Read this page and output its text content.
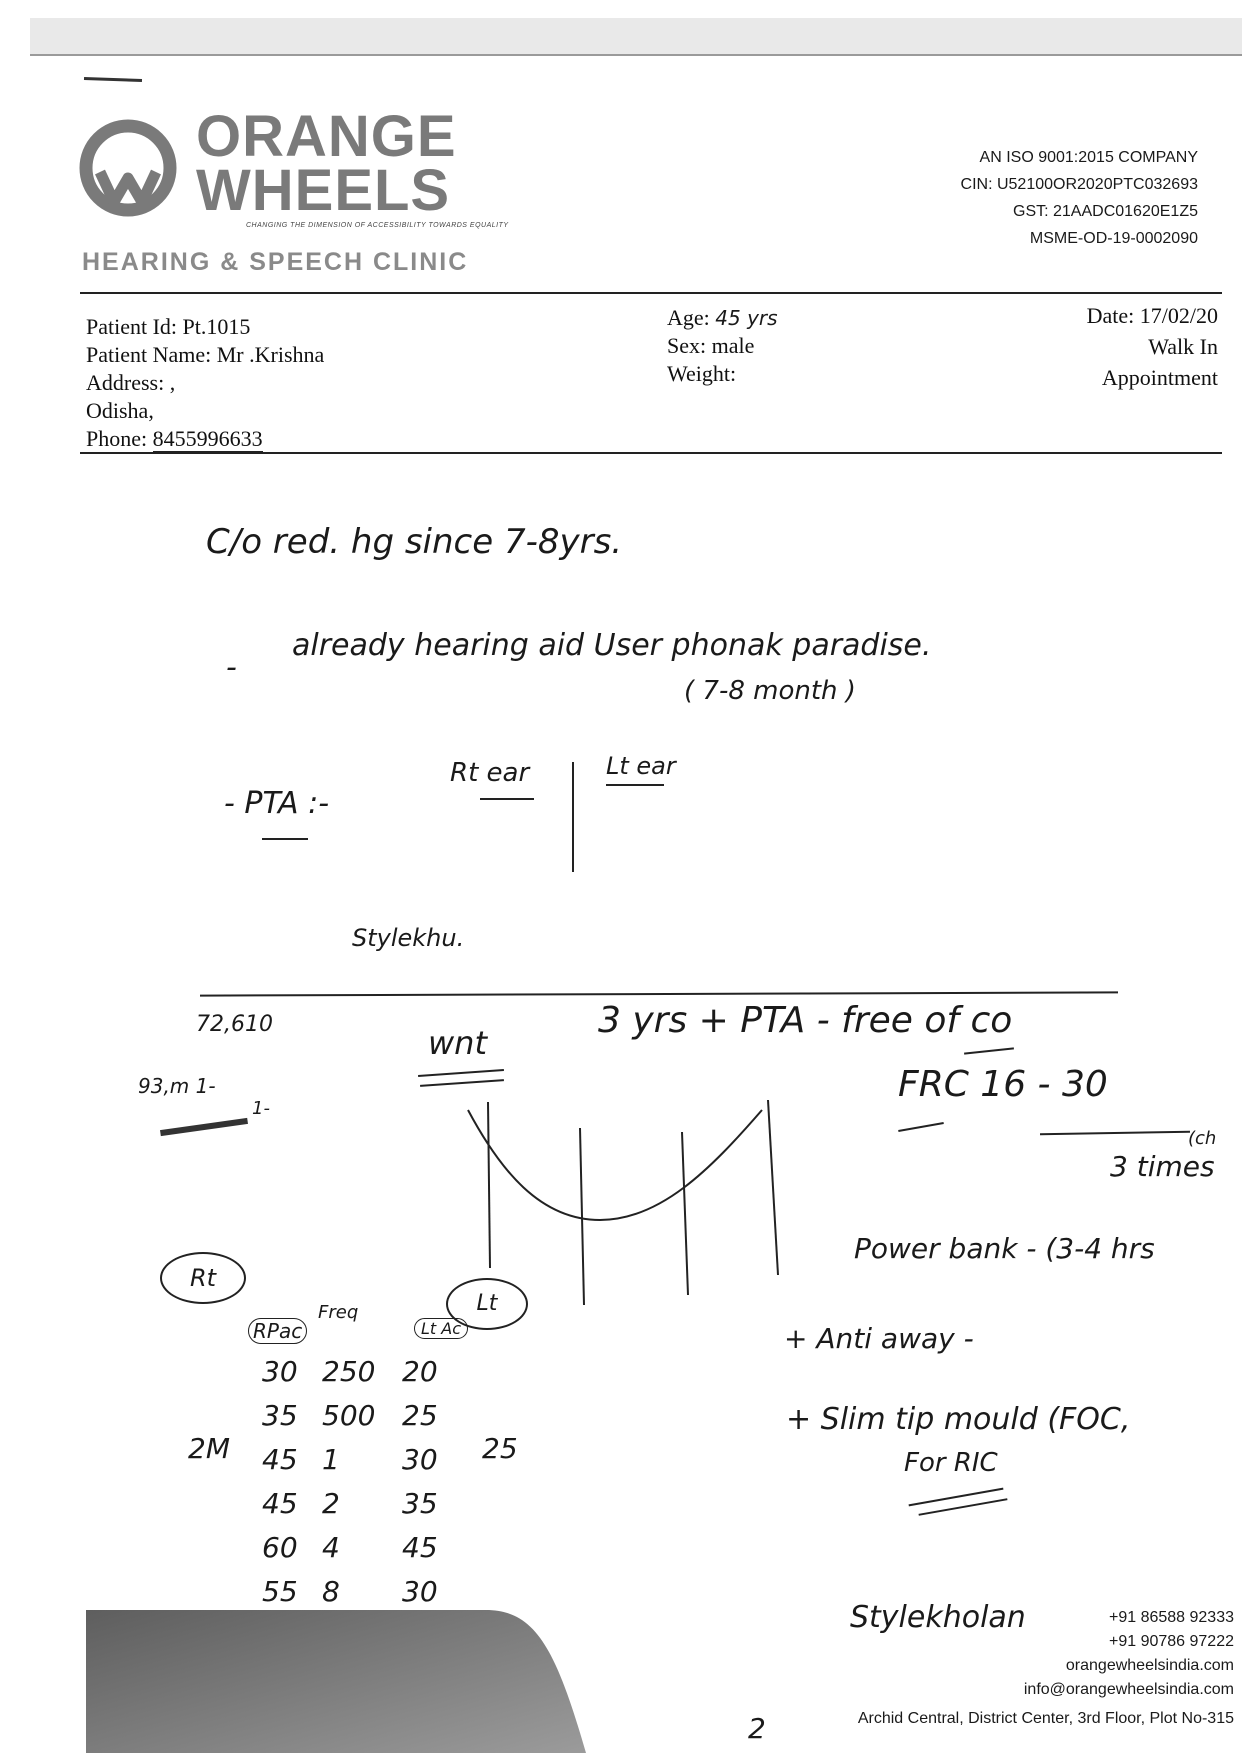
ORANGE
WHEELS
CHANGING THE DIMENSION OF ACCESSIBILITY TOWARDS EQUALITY
HEARING & SPEECH CLINIC
AN ISO 9001:2015 COMPANY
CIN: U52100OR2020PTC032693
GST: 21AADC01620E1Z5
MSME-OD-19-0002090
Patient Id: Pt.1015
Patient Name: Mr .Krishna
Address: ,
Odisha,
Phone: 8455996633
Age: 45 yrs
Sex: male
Weight:
Date: 17/02/20
Walk In
Appointment
C/o red. hg since 7-8yrs.
-
already hearing aid User phonak paradise.
( 7-8 month )
- PTA :-
Rt ear	Lt ear
Stylekhu.
72,610
93,m 1-
1-
wnt
3 yrs + PTA - free of co
FRC 16 - 30
(ch
3 times
Power bank - (3-4 hrs
+ Anti away -
+ Slim tip mould (FOC,
For RIC
Rt
Lt
RPac
Freq
Lt Ac
2M	25
30 250 20
35 500 25
45 1	30
45 2	35
60 4	45
55 8	30
Stylekholan	+91 86588 92333
+91 90786 97222
orangewheelsindia.com
info@orangewheelsindia.com
Archid Central, District Center, 3rd Floor, Plot No-315
2
